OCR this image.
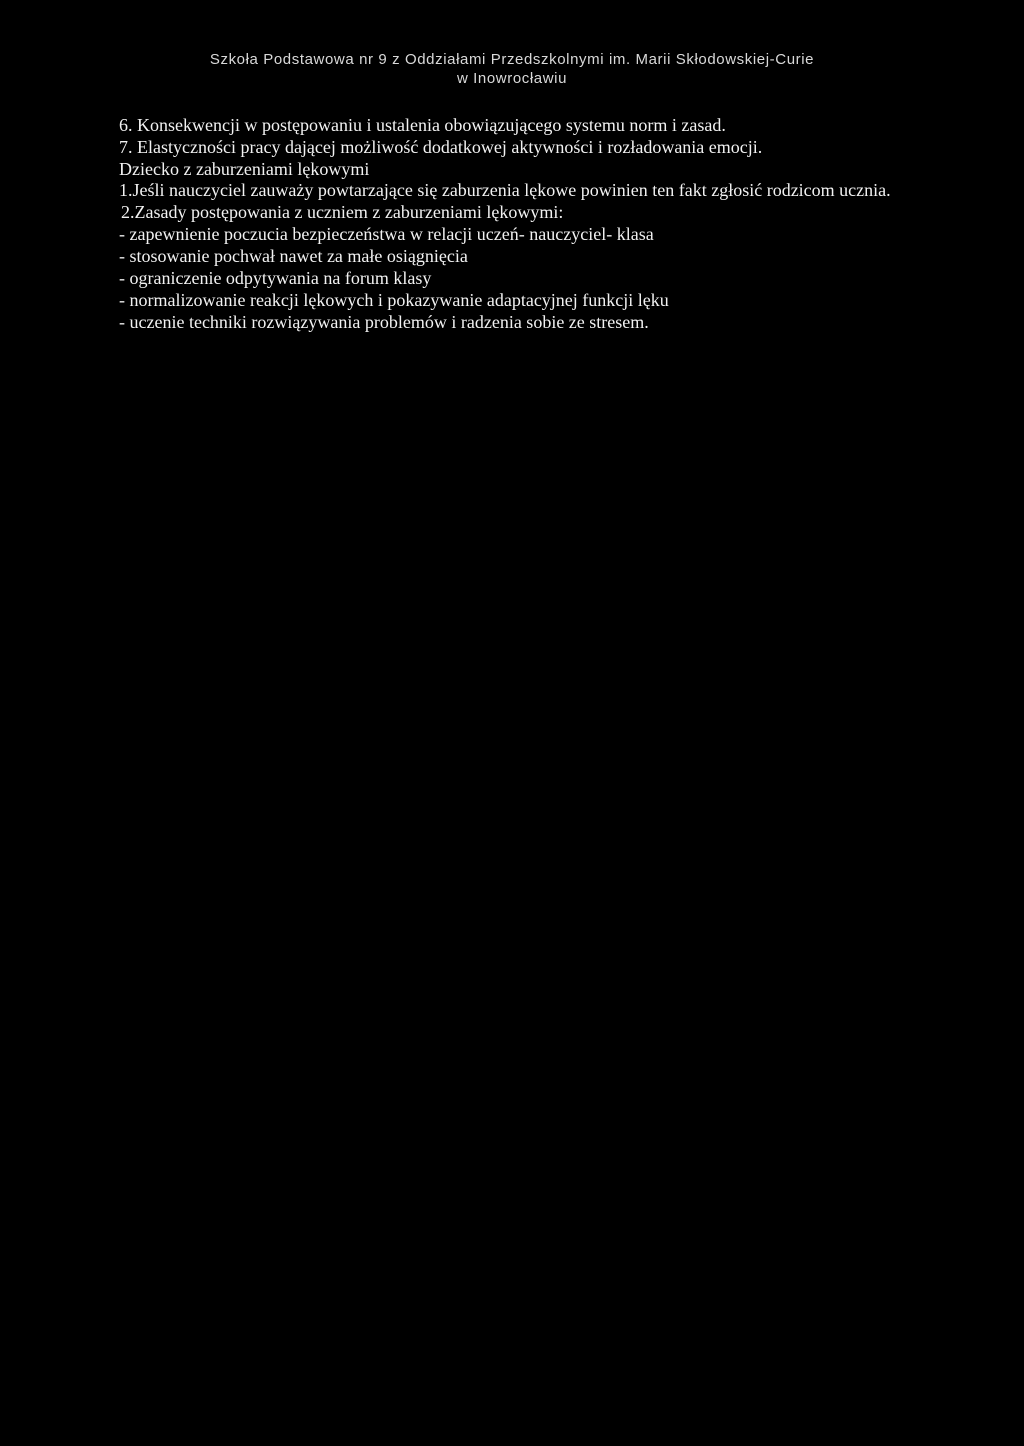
Szkoła Podstawowa nr 9 z Oddziałami Przedszkolnymi im. Marii Skłodowskiej-Curie
w Inowrocławiu

6. Konsekwencji w postępowaniu i ustalenia obowiązującego systemu norm i zasad.

7. Elastyczności pracy dającej możliwość dodatkowej aktywności i rozładowania emocji.

Dziecko z zaburzeniami lękowymi

1.Jeśli nauczyciel zauważy powtarzające się zaburzenia lękowe powinien ten fakt zgłosić rodzicom ucznia.

2.Zasady postępowania z uczniem z zaburzeniami lękowymi:

- zapewnienie poczucia bezpieczeństwa w relacji uczeń- nauczyciel- klasa

- stosowanie pochwał nawet za małe osiągnięcia

- ograniczenie odpytywania na forum klasy

- normalizowanie reakcji lękowych i pokazywanie adaptacyjnej funkcji lęku

- uczenie techniki rozwiązywania problemów i radzenia sobie ze stresem.
